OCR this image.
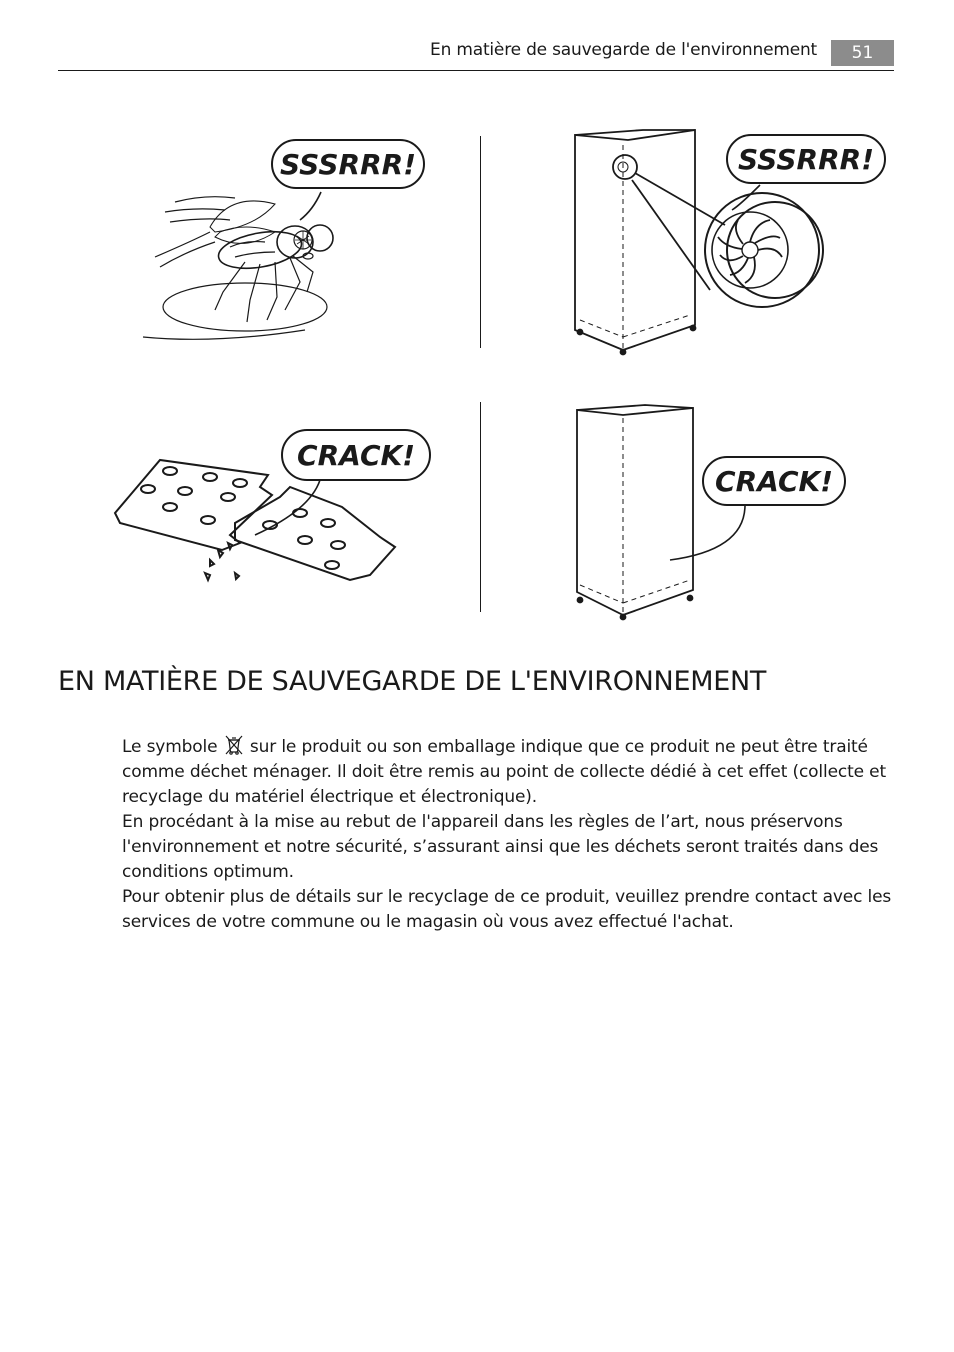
En matière de sauvegarde de l'environnement	51
SSSRRR!	SSSRRR!
CRACK!
CRACK!
EN MATIÈRE DE SAUVEGARDE DE L'ENVIRONNEMENT

Le symbole sur le produit ou son emballage indique que ce produit ne peut être traité comme déchet ménager. Il doit être remis au point de collecte dédié à cet effet (collecte et recyclage du matériel électrique et électronique).

En procédant à la mise au rebut de l'appareil dans les règles de l’art, nous préservons l'environnement et notre sécurité, s’assurant ainsi que les déchets seront traités dans des conditions optimum.

Pour obtenir plus de détails sur le recyclage de ce produit, veuillez prendre contact avec les services de votre commune ou le magasin où vous avez effectué l'achat.
